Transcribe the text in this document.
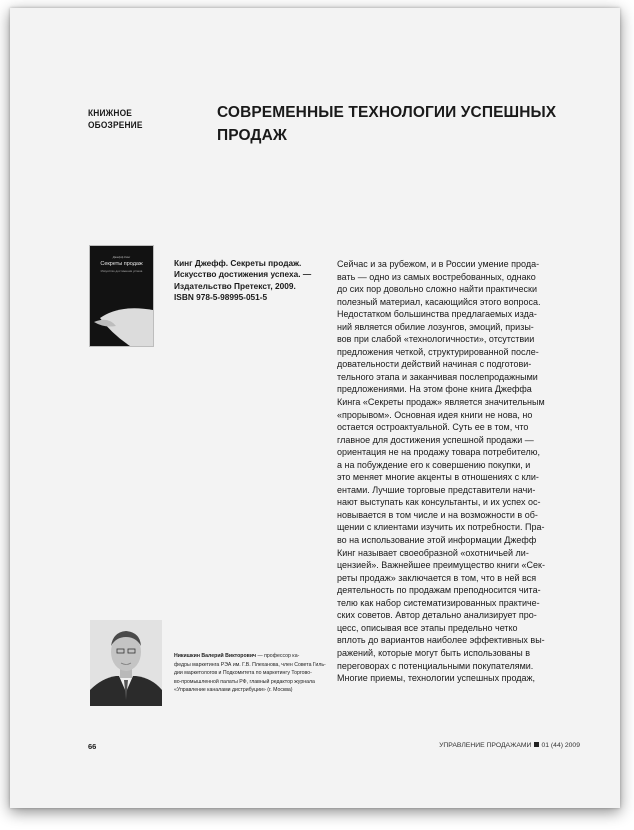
КНИЖНОЕ
ОБОЗРЕНИЕ
СОВРЕМЕННЫЕ ТЕХНОЛОГИИ УСПЕШНЫХ
ПРОДАЖ
Джефф Кинг
Секреты продаж
Искусство достижения успеха
Кинг Джефф. Секреты продаж.
Искусство достижения успеха. —
Издательство Претекст, 2009.
ISBN 978-5-98995-051-5
Никишкин Валерий Викторович — профессор ка-
федры маркетинга РЭА им. Г.В. Плеханова, член Совета Гиль-
дии маркетологов и Подкомитета по маркетингу Торгово-
во-промышленной палаты РФ, главный редактор журнала
«Управление каналами дистрибуции» (г. Москва)
Сейчас и за рубежом, и в России умение прода-
вать — одно из самых востребованных, однако
до сих пор довольно сложно найти практически
полезный материал, касающийся этого вопроса.
Недостатком большинства предлагаемых изда-
ний является обилие лозунгов, эмоций, призы-
вов при слабой «технологичности», отсутствии
предложения четкой, структурированной после-
довательности действий начиная с подготови-
тельного этапа и заканчивая послепродажными
предложениями. На этом фоне книга Джеффа
Кинга «Секреты продаж» является значительным
«прорывом». Основная идея книги не нова, но
остается остроактуальной. Суть ее в том, что
главное для достижения успешной продажи —
ориентация не на продажу товара потребителю,
а на побуждение его к совершению покупки, и
это меняет многие акценты в отношениях с кли-
ентами. Лучшие торговые представители начи-
нают выступать как консультанты, и их успех ос-
новывается в том числе и на возможности в об-
щении с клиентами изучить их потребности. Пра-
во на использование этой информации Джефф
Кинг называет своеобразной «охотничьей ли-
цензией». Важнейшее преимущество книги «Сек-
реты продаж» заключается в том, что в ней вся
деятельность по продажам преподносится чита-
телю как набор систематизированных практиче-
ских советов. Автор детально анализирует про-
цесс, описывая все этапы предельно четко
вплоть до вариантов наиболее эффективных вы-
ражений, которые могут быть использованы в
переговорах с потенциальными покупателями.
Многие приемы, технологии успешных продаж,
66	УПРАВЛЕНИЕ ПРОДАЖАМИ 01 (44) 2009
